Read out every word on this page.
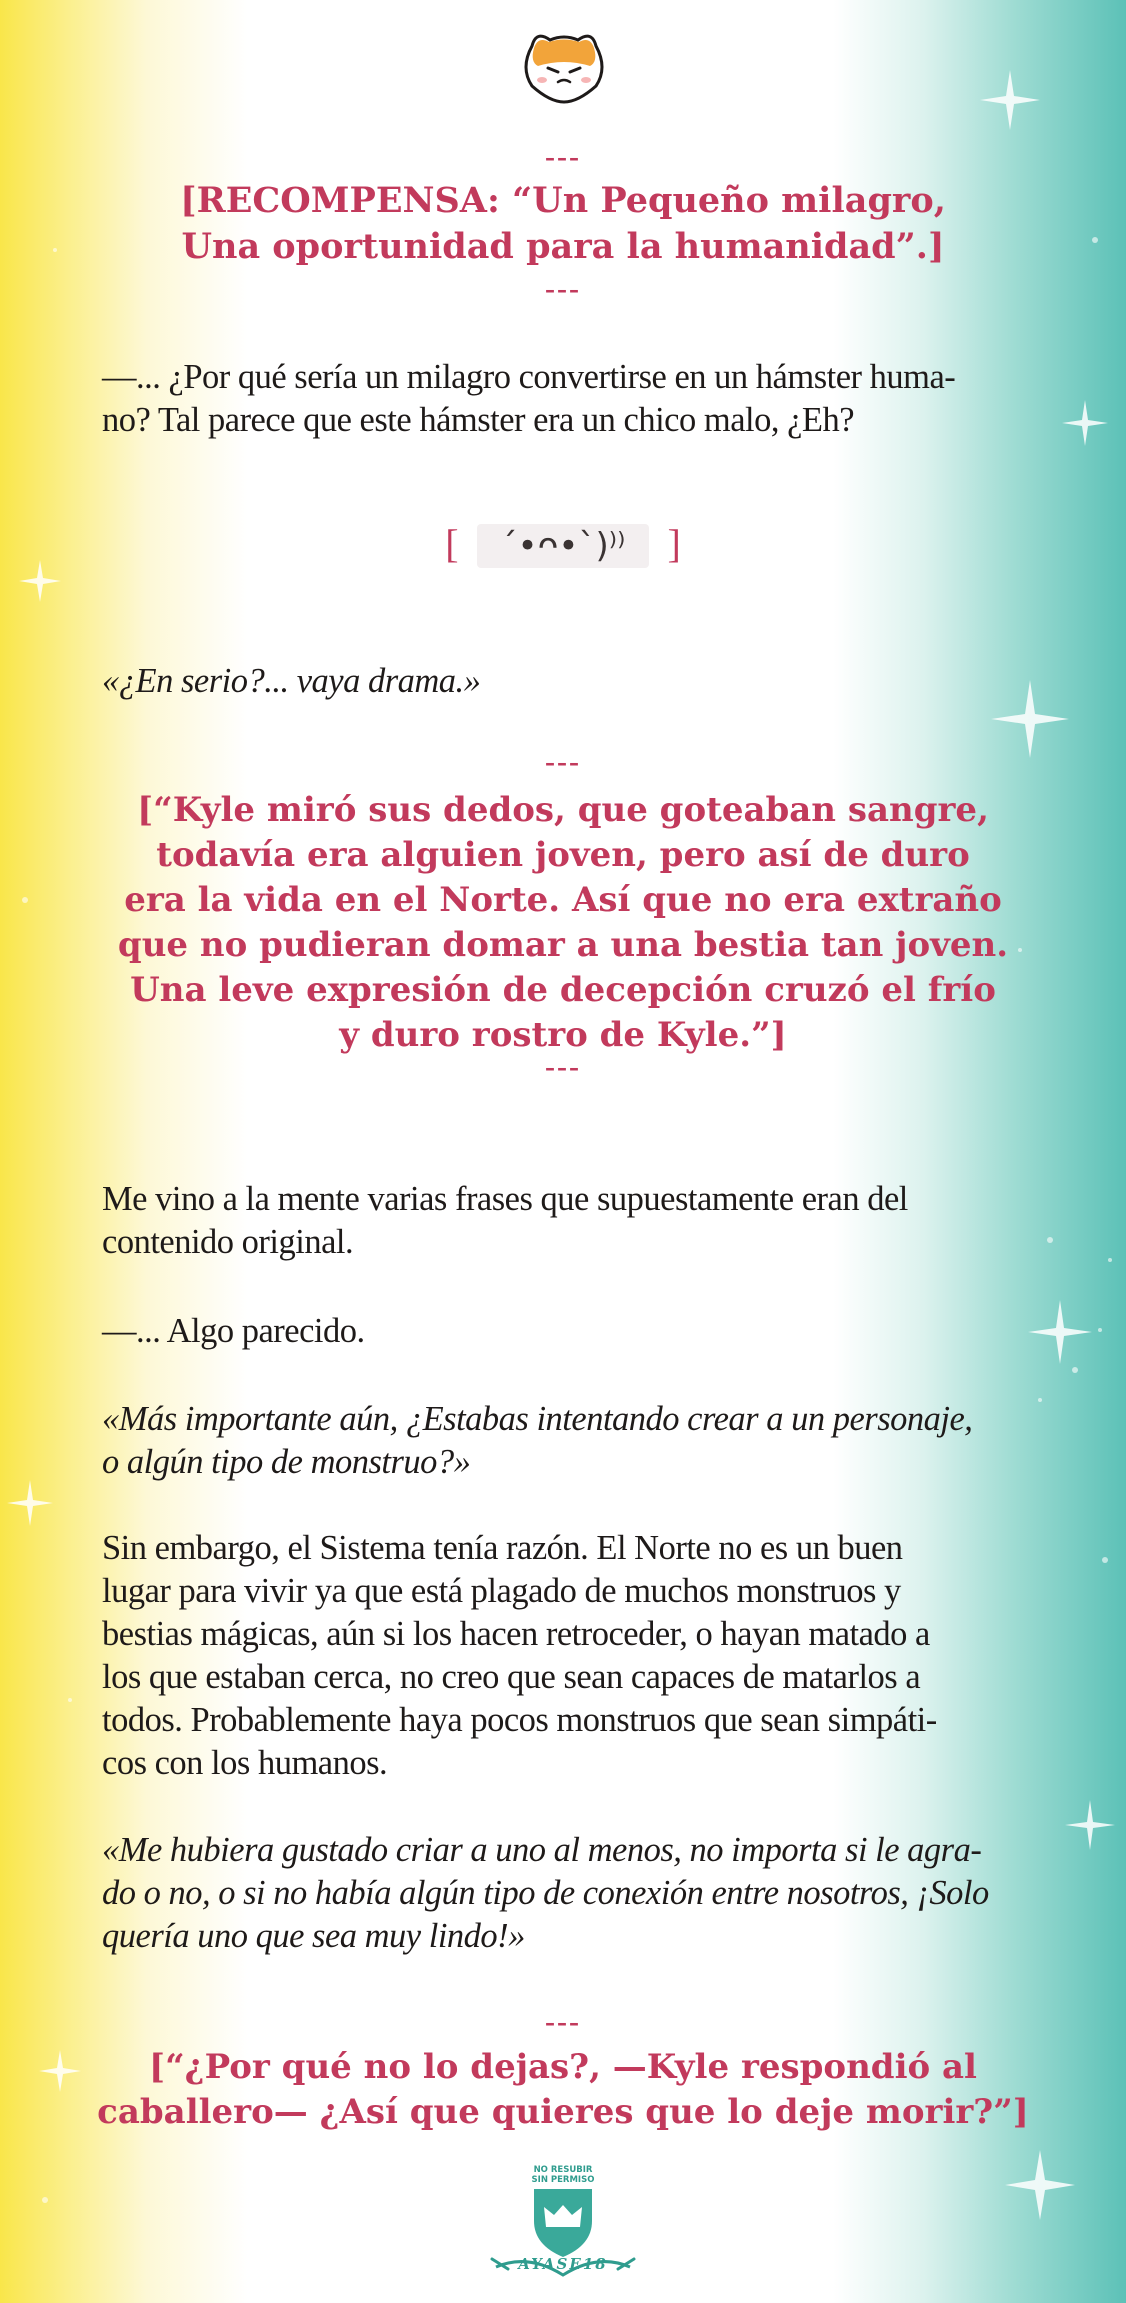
---
[RECOMPENSA: “Un Pequeño milagro,
Una oportunidad para la humanidad”.]
---
—... ¿Por qué sería un milagro convertirse en un hámster huma-
no? Tal parece que este hámster era un chico malo, ¿Eh?
[ ´•ᴖ•`)⁾⁾ ]
«¿En serio?... vaya drama.»
---
[“Kyle miró sus dedos, que goteaban sangre,
todavía era alguien joven, pero así de duro
era la vida en el Norte. Así que no era extraño
que no pudieran domar a una bestia tan joven.
Una leve expresión de decepción cruzó el frío
y duro rostro de Kyle.”]
---
Me vino a la mente varias frases que supuestamente eran del
contenido original.
—... Algo parecido.
«Más importante aún, ¿Estabas intentando crear a un personaje,
o algún tipo de monstruo?»
Sin embargo, el Sistema tenía razón. El Norte no es un buen
lugar para vivir ya que está plagado de muchos monstruos y
bestias mágicas, aún si los hacen retroceder, o hayan matado a
los que estaban cerca, no creo que sean capaces de matarlos a
todos. Probablemente haya pocos monstruos que sean simpáti-
cos con los humanos.
«Me hubiera gustado criar a uno al menos, no importa si le agra-
do o no, o si no había algún tipo de conexión entre nosotros, ¡Solo
quería uno que sea muy lindo!»
---
[“¿Por qué no lo dejas?, —Kyle respondió al
caballero— ¿Así que quieres que lo deje morir?”]
NO RESUBIR
SIN PERMISO
AYASE18
